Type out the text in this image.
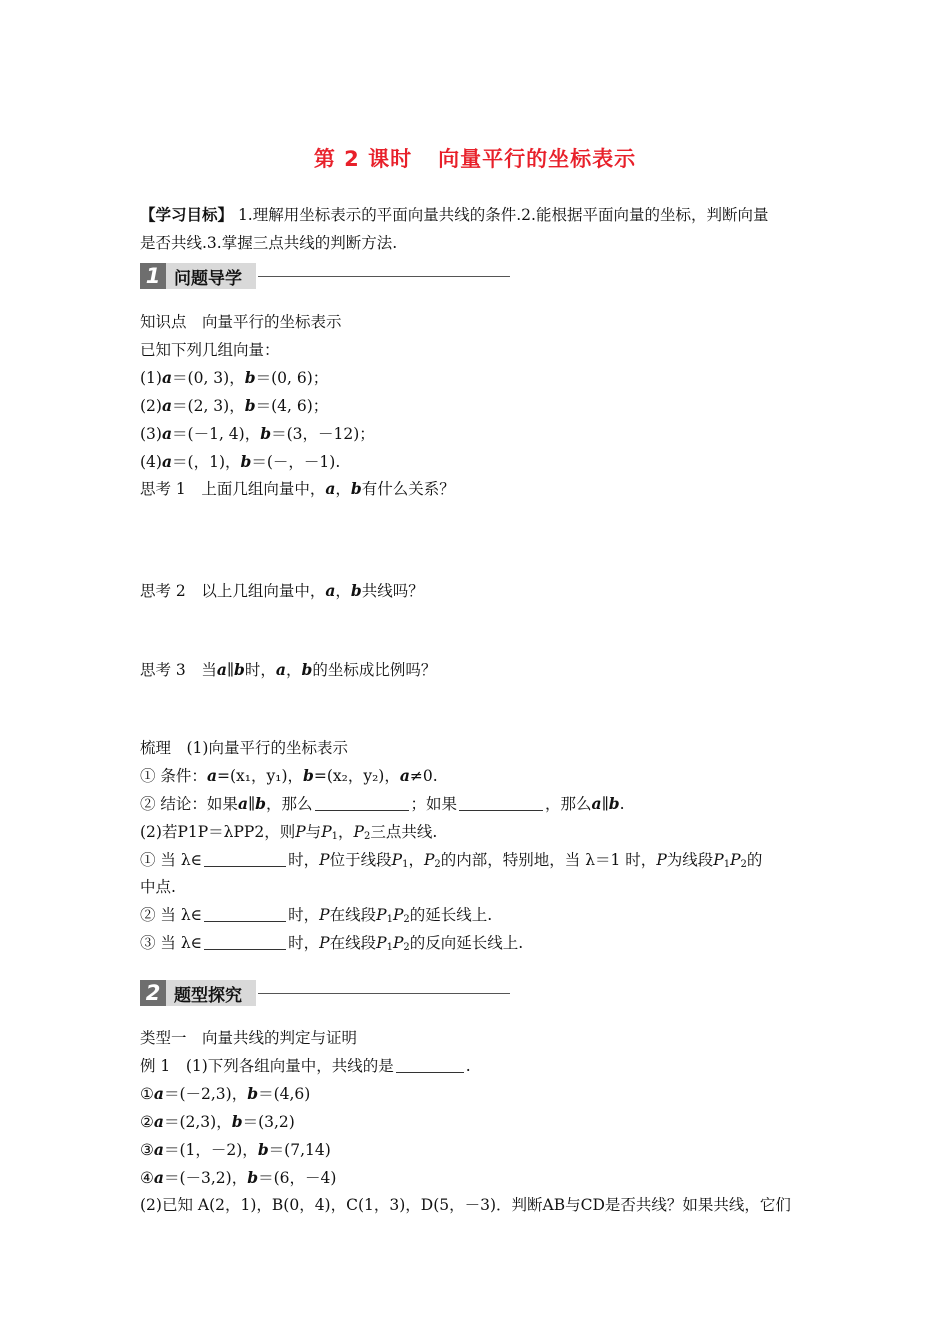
第 2 课时 向量平行的坐标表示
【学习目标】 1.理解用坐标表示的平面向量共线的条件.2.能根据平面向量的坐标，判断向量
是否共线.3.掌握三点共线的判断方法.
1 问题导学
知识点　向量平行的坐标表示
已知下列几组向量：
(1)a＝(0, 3)，b＝(0, 6)；
(2)a＝(2, 3)，b＝(4, 6)；
(3)a＝(－1, 4)，b＝(3，－12)；
(4)a＝(，1)，b＝(－，－1).
思考 1　 上面几组向量中，a，b有什么关系？
思考 2　 以上几组向量中，a，b共线吗？
思考 3　 当a∥b时，a，b的坐标成比例吗？
梳理　(1)向量平行的坐标表示
① 条件：a=(x₁，y₁)，b=(x₂，y₂)，a≠0.
② 结论：如果a∥b，那么	；如果	，那么a∥b.
(2)若P1P＝λPP2，则P与$P_1$，$P_2$三点共线.
① 当 λ∈	时，P位于线段$P_1$，$P_2$的内部，特别地，当 λ＝1 时，P为线段$P_1P_2$的
中点.
② 当 λ∈	时，P在线段$P_1P_2$的延长线上.
③ 当 λ∈	时，P在线段$P_1P_2$的反向延长线上.
2 题型探究
类型一　向量共线的判定与证明
例 1　 (1)下列各组向量中，共线的是	.
①a＝(－2,3)，b＝(4,6)
②a＝(2,3)，b＝(3,2)
③a＝(1，－2)，b＝(7,14)
④a＝(－3,2)，b＝(6，－4)
(2)已知 A(2，1)，B(0，4)，C(1，3)，D(5，－3)．判断AB与CD是否共线？如果共线，它们
